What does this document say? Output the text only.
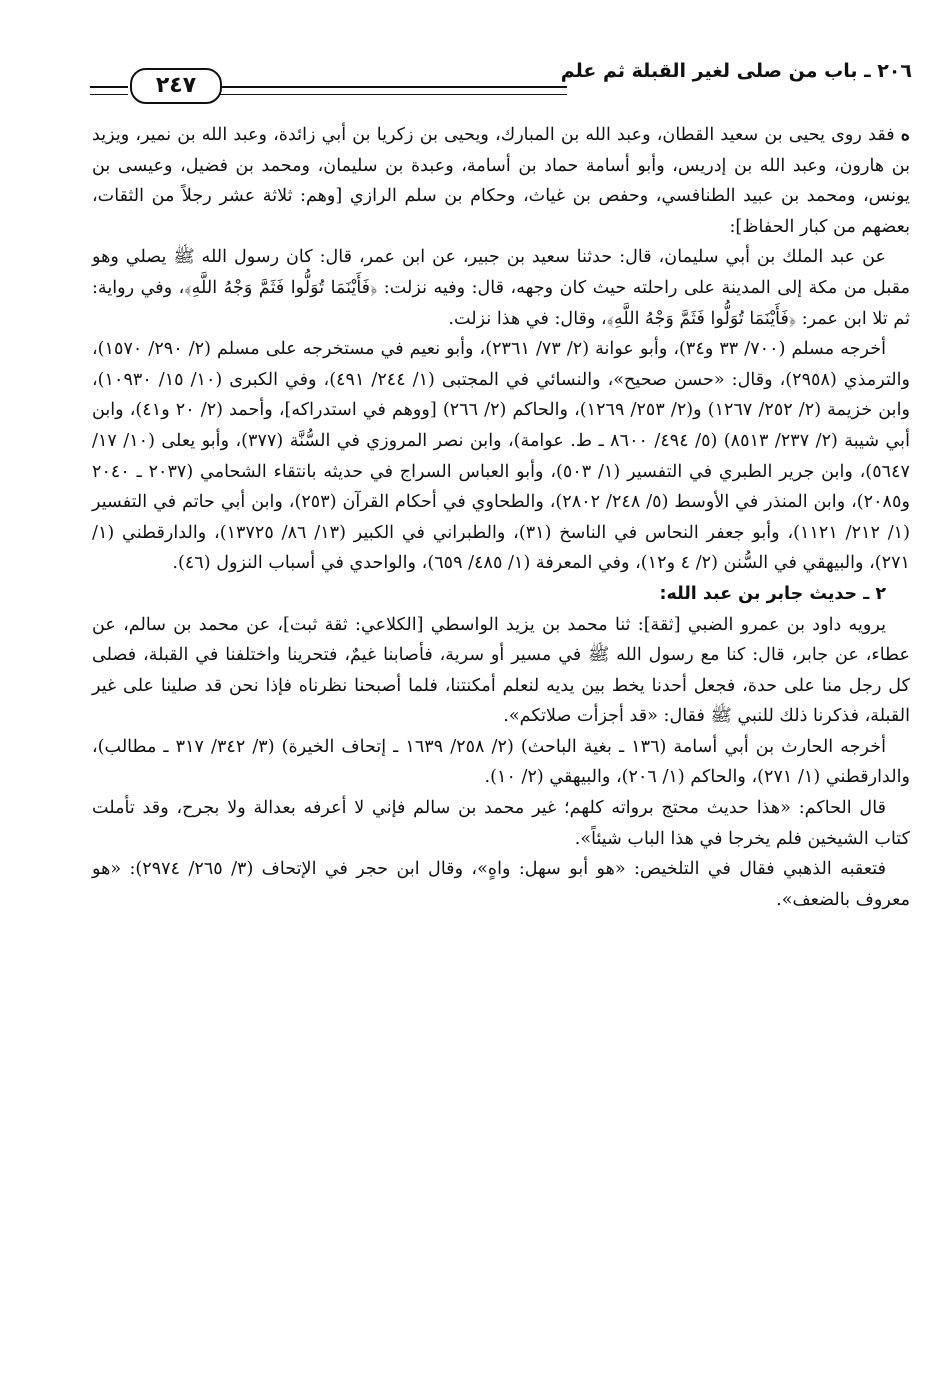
٢٠٦ ـ باب من صلى لغير القبلة ثم علم
٢٤٧

ه فقد روى يحيى بن سعيد القطان، وعبد الله بن المبارك، ويحيى بن زكريا بن أبي زائدة، وعبد الله بن نمير، ويزيد بن هارون، وعبد الله بن إدريس، وأبو أسامة حماد بن أسامة، وعبدة بن سليمان، ومحمد بن فضيل، وعيسى بن يونس، ومحمد بن عبيد الطنافسي، وحفص بن غياث، وحكام بن سلم الرازي [وهم: ثلاثة عشر رجلاً من الثقات، بعضهم من كبار الحفاظ]:

عن عبد الملك بن أبي سليمان، قال: حدثنا سعيد بن جبير، عن ابن عمر، قال: كان رسول الله ﷺ يصلي وهو مقبل من مكة إلى المدينة على راحلته حيث كان وجهه، قال: وفيه نزلت: ﴿فَأَيْنَمَا تُوَلُّوا فَثَمَّ وَجْهُ اللَّهِ﴾، وفي رواية: ثم تلا ابن عمر: ﴿فَأَيْنَمَا تُوَلُّوا فَثَمَّ وَجْهُ اللَّهِ﴾، وقال: في هذا نزلت.

أخرجه مسلم (٧٠٠/ ٣٣ و٣٤)، وأبو عوانة (٢/ ٧٣/ ٢٣٦١)، وأبو نعيم في مستخرجه على مسلم (٢/ ٢٩٠/ ١٥٧٠)، والترمذي (٢٩٥٨)، وقال: «حسن صحيح»، والنسائي في المجتبى (١/ ٢٤٤/ ٤٩١)، وفي الكبرى (١٠/ ١٥/ ١٠٩٣٠)، وابن خزيمة (٢/ ٢٥٢/ ١٢٦٧) و(٢/ ٢٥٣/ ١٢٦٩)، والحاكم (٢/ ٢٦٦) [ووهم في استدراكه]، وأحمد (٢/ ٢٠ و٤١)، وابن أبي شيبة (٢/ ٢٣٧/ ٨٥١٣) (٥/ ٤٩٤/ ٨٦٠٠ ـ ط. عوامة)، وابن نصر المروزي في السُّنَّة (٣٧٧)، وأبو يعلى (١٠/ ١٧/ ٥٦٤٧)، وابن جرير الطبري في التفسير (١/ ٥٠٣)، وأبو العباس السراج في حديثه بانتقاء الشحامي (٢٠٣٧ ـ ٢٠٤٠ و٢٠٨٥)، وابن المنذر في الأوسط (٥/ ٢٤٨/ ٢٨٠٢)، والطحاوي في أحكام القرآن (٢٥٣)، وابن أبي حاتم في التفسير (١/ ٢١٢/ ١١٢١)، وأبو جعفر النحاس في الناسخ (٣١)، والطبراني في الكبير (١٣/ ٨٦/ ١٣٧٢٥)، والدارقطني (١/ ٢٧١)، والبيهقي في السُّنن (٢/ ٤ و١٢)، وفي المعرفة (١/ ٤٨٥/ ٦٥٩)، والواحدي في أسباب النزول (٤٦).

٢ ـ حديث جابر بن عبد الله:

يرويه داود بن عمرو الضبي [ثقة]: ثنا محمد بن يزيد الواسطي [الكلاعي: ثقة ثبت]، عن محمد بن سالم، عن عطاء، عن جابر، قال: كنا مع رسول الله ﷺ في مسير أو سرية، فأصابنا غيمٌ، فتحرينا واختلفنا في القبلة، فصلى كل رجل منا على حدة، فجعل أحدنا يخط بين يديه لنعلم أمكنتنا، فلما أصبحنا نظرناه فإذا نحن قد صلينا على غير القبلة، فذكرنا ذلك للنبي ﷺ فقال: «قد أجزأت صلاتكم».

أخرجه الحارث بن أبي أسامة (١٣٦ ـ بغية الباحث) (٢/ ٢٥٨/ ١٦٣٩ ـ إتحاف الخيرة) (٣/ ٣٤٢/ ٣١٧ ـ مطالب)، والدارقطني (١/ ٢٧١)، والحاكم (١/ ٢٠٦)، والبيهقي (٢/ ١٠).

قال الحاكم: «هذا حديث محتج برواته كلهم؛ غير محمد بن سالم فإني لا أعرفه بعدالة ولا بجرح، وقد تأملت كتاب الشيخين فلم يخرجا في هذا الباب شيئاً».

فتعقبه الذهبي فقال في التلخيص: «هو أبو سهل: واهٍ»، وقال ابن حجر في الإتحاف (٣/ ٢٦٥/ ٢٩٧٤): «هو معروف بالضعف».
